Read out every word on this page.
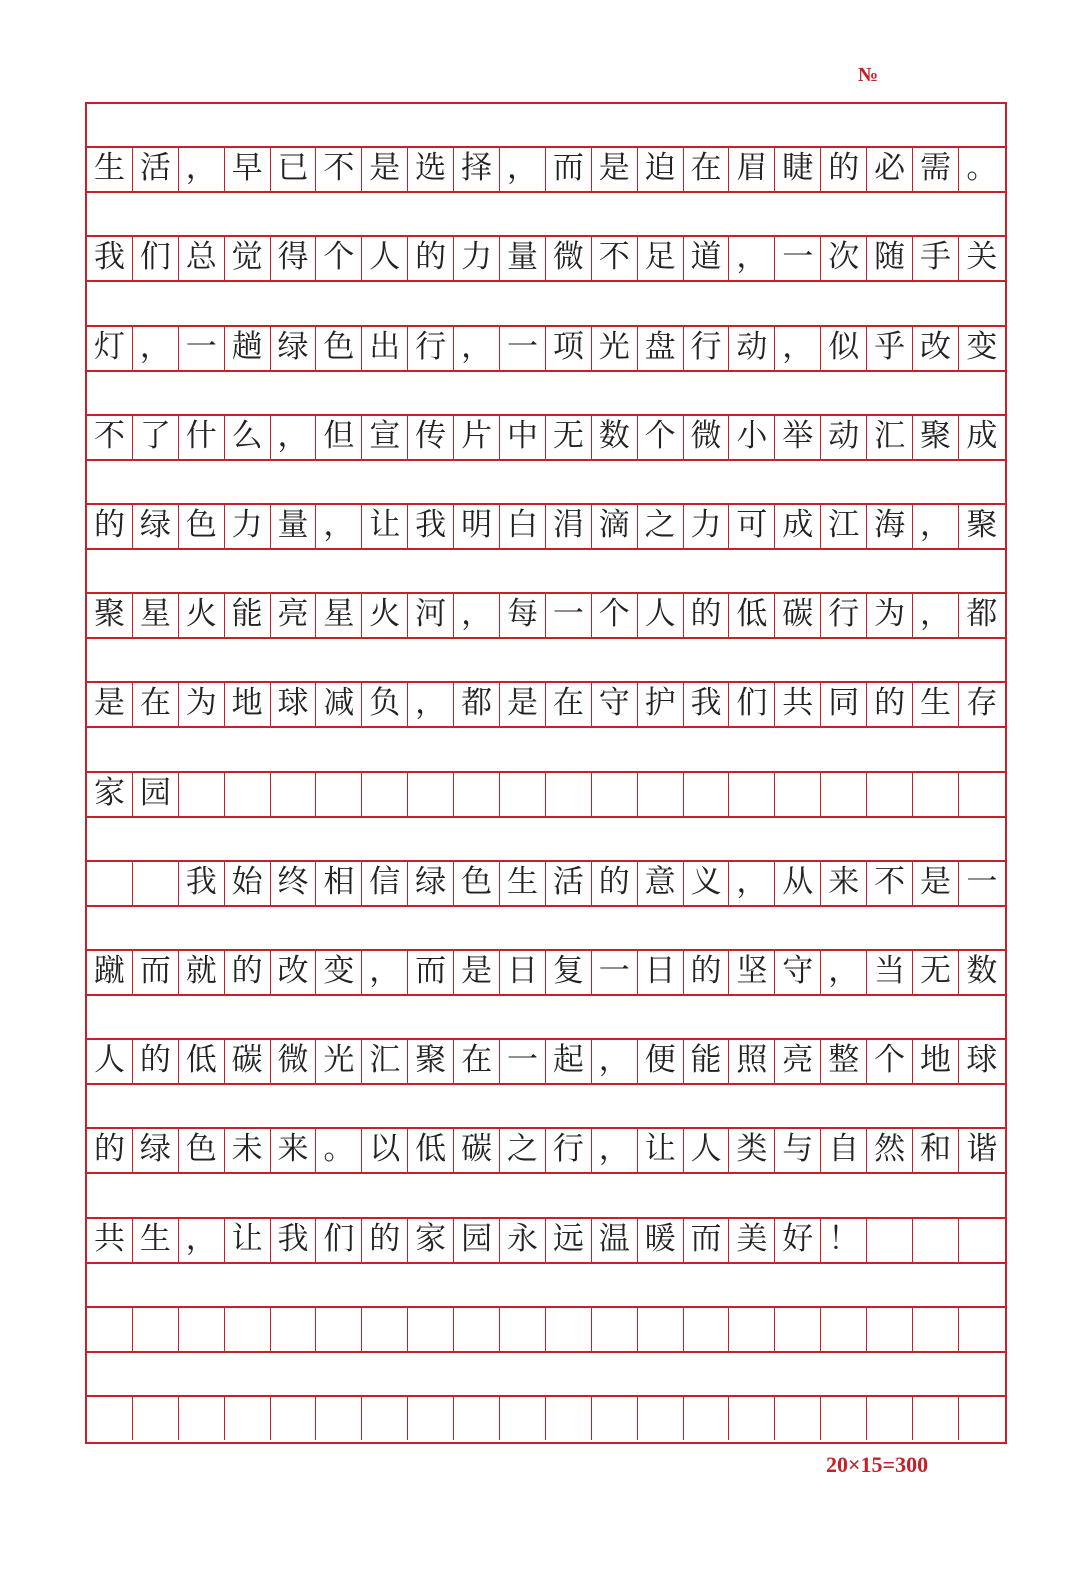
№
生 活 ， 早 已 不 是 选 择 ， 而 是 迫 在 眉 睫 的 必 需 。
我 们 总 觉 得 个 人 的 力 量 微 不 足 道 ， 一 次 随 手 关
灯 ， 一 趟 绿 色 出 行 ， 一 项 光 盘 行 动 ， 似 乎 改 变
不 了 什 么 ， 但 宣 传 片 中 无 数 个 微 小 举 动 汇 聚 成
的 绿 色 力 量 ， 让 我 明 白 涓 滴 之 力 可 成 江 海 ， 聚
聚 星 火 能 亮 星 火 河 ， 每 一 个 人 的 低 碳 行 为 ， 都
是 在 为 地 球 减 负 ， 都 是 在 守 护 我 们 共 同 的 生 存
家 园
我 始 终 相 信 绿 色 生 活 的 意 义 ， 从 来 不 是 一
蹴 而 就 的 改 变 ， 而 是 日 复 一 日 的 坚 守 ， 当 无 数
人 的 低 碳 微 光 汇 聚 在 一 起 ， 便 能 照 亮 整 个 地 球
的 绿 色 未 来 。 以 低 碳 之 行 ， 让 人 类 与 自 然 和 谐
共 生 ， 让 我 们 的 家 园 永 远 温 暖 而 美 好 ！
20×15=300
